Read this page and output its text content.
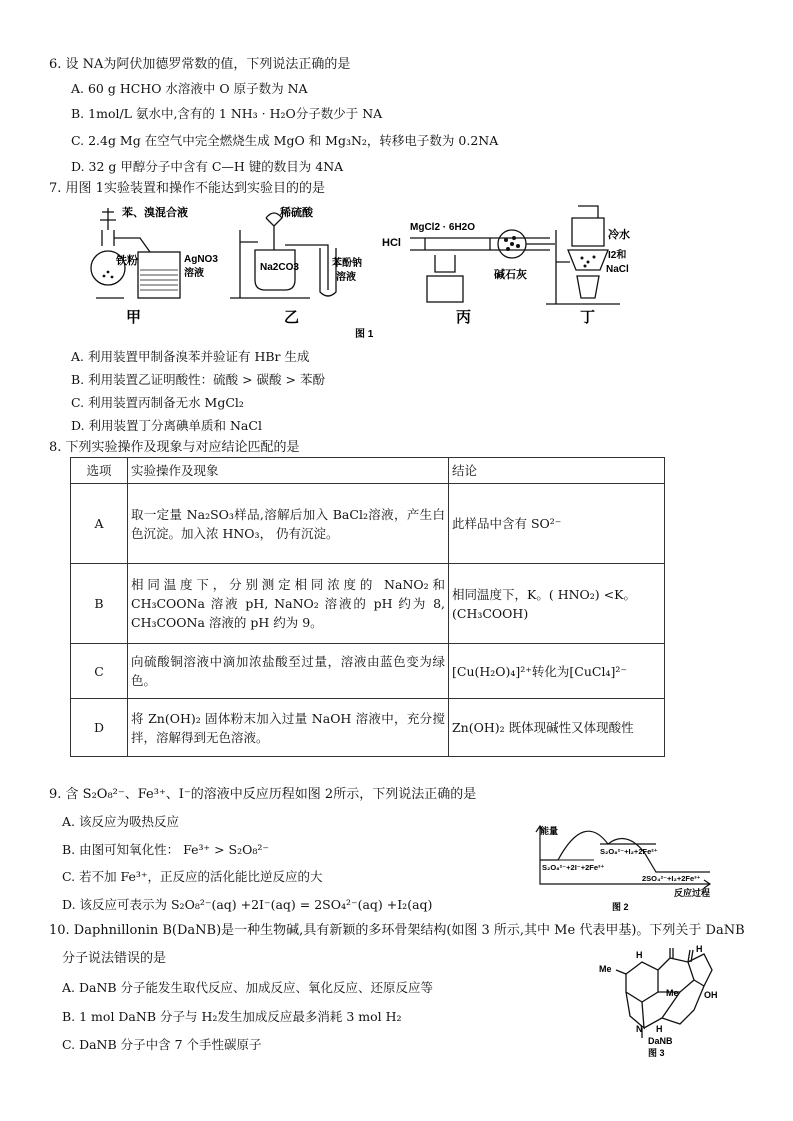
6. 设 NA为阿伏加德罗常数的值，下列说法正确的是
A. 60 g HCHO 水溶液中 O 原子数为 NA
B. 1mol/L 氨水中,含有的 1 NH₃ · H₂O分子数少于 NA
C. 2.4g Mg 在空气中完全燃烧生成 MgO 和 Mg₃N₂，转移电子数为 0.2NA
D. 32 g 甲醇分子中含有 C—H 键的数目为 4NA
7. 用图 1实验装置和操作不能达到实验目的的是
苯、溴混合液
铁粉	AgNO3
溶液
稀硫酸
Na2CO3	苯酚钠
溶液
HCl
MgCl2 · 6H2O
碱石灰
冷水
I2和
NaCl
甲	乙	丙	丁
图 1
A. 利用装置甲制备溴苯并验证有 HBr 生成
B. 利用装置乙证明酸性：硫酸 > 碳酸 > 苯酚
C. 利用装置丙制备无水 MgCl₂
D. 利用装置丁分离碘单质和 NaCl
8. 下列实验操作及现象与对应结论匹配的是
选项	实验操作及现象	结论
A	取一定量 Na₂SO₃样品,溶解后加入 BaCl₂溶液，产生白色沉淀。加入浓 HNO₃， 仍有沉淀。	此样品中含有 SO²⁻
B	相同温度下，分别测定相同浓度的 NaNO₂和 CH₃COONa 溶液 pH, NaNO₂ 溶液的 pH 约为 8, CH₃COONa 溶液的 pH 约为 9。	相同温度下，K。( HNO₂) <K。(CH₃COOH)
C	向硫酸铜溶液中滴加浓盐酸至过量，溶液由蓝色变为绿色。	[Cu(H₂O)₄]²⁺转化为[CuCl₄]²⁻
D	将 Zn(OH)₂ 固体粉末加入过量 NaOH 溶液中，充分搅拌，溶解得到无色溶液。	Zn(OH)₂ 既体现碱性又体现酸性
9. 含 S₂O₈²⁻、Fe³⁺、I⁻的溶液中反应历程如图 2所示，下列说法正确的是
A. 该反应为吸热反应
B. 由图可知氧化性： Fe³⁺ > S₂O₈²⁻
C. 若不加 Fe³⁺，正反应的活化能比逆反应的大
D. 该反应可表示为 S₂O₈²⁻(aq) +2I⁻(aq) = 2SO₄²⁻(aq) +I₂(aq)
能量
S₂O₈²⁻+2I⁻+2Fe³⁺
S₂O₈²⁻+I₂+2Fe²⁺
2SO₄²⁻+I₂+2Fe³⁺
反应过程
图 2
10. Daphnillonin B(DaNB)是一种生物碱,具有新颖的多环骨架结构(如图 3 所示,其中 Me 代表甲基)。下列关于 DaNB
分子说法错误的是
A. DaNB 分子能发生取代反应、加成反应、氧化反应、还原反应等
B. 1 mol DaNB 分子与 H₂发生加成反应最多消耗 3 mol H₂
C. DaNB 分子中含 7 个手性碳原子
Me
H
H
Me	OH
N H
DaNB
图 3
